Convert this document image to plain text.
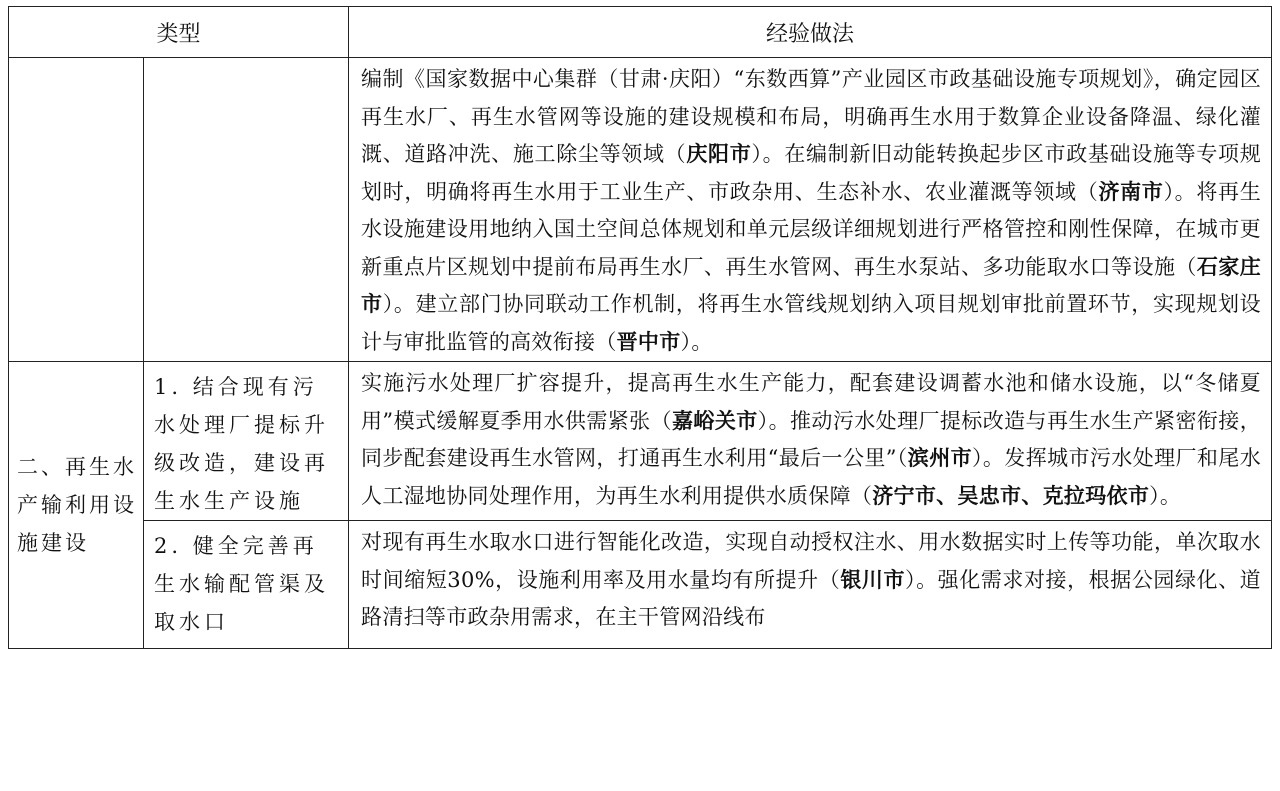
类型		经验做法
		编制《国家数据中心集群（甘肃·庆阳）“东数西算”产业园区市政基础设施专项规划》，确定园区再生水厂、再生水管网等设施的建设规模和布局，明确再生水用于数算企业设备降温、绿化灌溉、道路冲洗、施工除尘等领域（庆阳市）。在编制新旧动能转换起步区市政基础设施等专项规划时，明确将再生水用于工业生产、市政杂用、生态补水、农业灌溉等领域（济南市）。将再生水设施建设用地纳入国土空间总体规划和单元层级详细规划进行严格管控和刚性保障，在城市更新重点片区规划中提前布局再生水厂、再生水管网、再生水泵站、多功能取水口等设施（石家庄市）。建立部门协同联动工作机制，将再生水管线规划纳入项目规划审批前置环节，实现规划设计与审批监管的高效衔接（晋中市）。
二、再生水产输利用设施建设	1. 结合现有污水处理厂提标升级改造，建设再生水生产设施	实施污水处理厂扩容提升，提高再生水生产能力，配套建设调蓄水池和储水设施，以“冬储夏用”模式缓解夏季用水供需紧张（嘉峪关市）。推动污水处理厂提标改造与再生水生产紧密衔接，同步配套建设再生水管网，打通再生水利用“最后一公里”（滨州市）。发挥城市污水处理厂和尾水人工湿地协同处理作用，为再生水利用提供水质保障（济宁市、吴忠市、克拉玛依市）。
	2. 健全完善再生水输配管渠及取水口	对现有再生水取水口进行智能化改造，实现自动授权注水、用水数据实时上传等功能，单次取水时间缩短30%，设施利用率及用水量均有所提升（银川市）。强化需求对接，根据公园绿化、道路清扫等市政杂用需求，在主干管网沿线布
